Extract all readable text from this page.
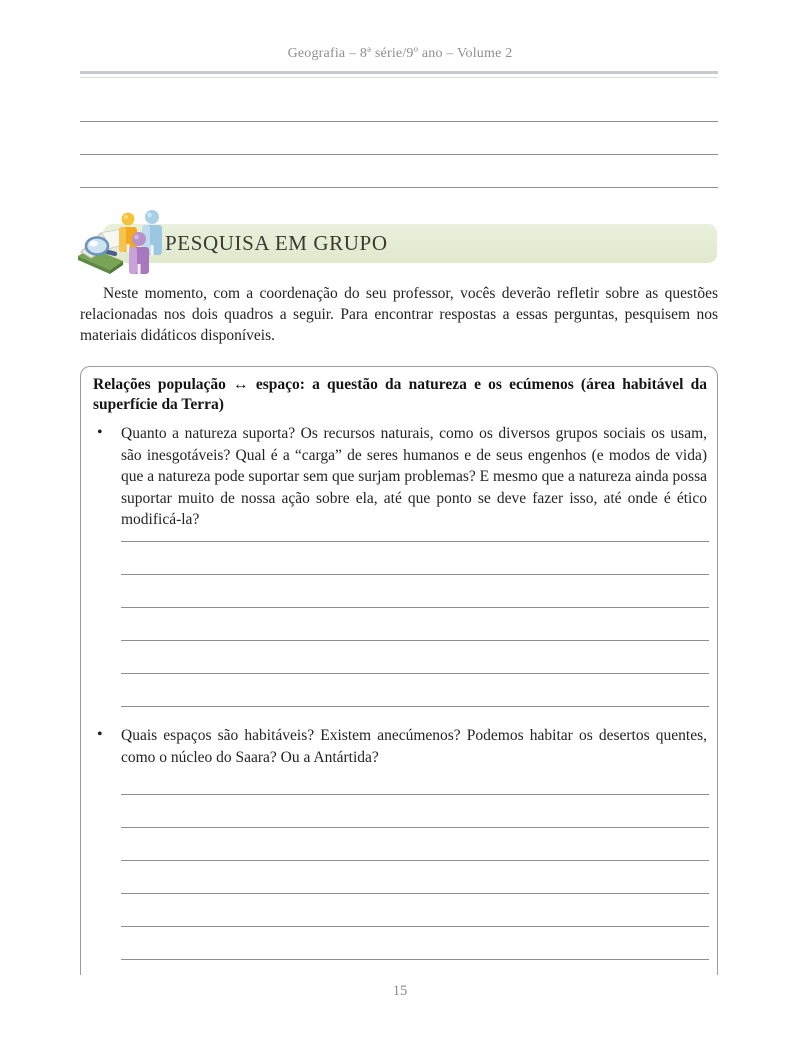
Geografia – 8ª série/9º ano – Volume 2
PESQUISA EM GRUPO

Neste momento, com a coordenação do seu professor, vocês deverão refletir sobre as questões relacionadas nos dois quadros a seguir. Para encontrar respostas a essas perguntas, pesquisem nos materiais didáticos disponíveis.

Relações população ↔ espaço: a questão da natureza e os ecúmenos (área habitável da superfície da Terra)
• Quanto a natureza suporta? Os recursos naturais, como os diversos grupos sociais os usam, são inesgotáveis? Qual é a “carga” de seres humanos e de seus engenhos (e modos de vida) que a natureza pode suportar sem que surjam problemas? E mesmo que a natureza ainda possa suportar muito de nossa ação sobre ela, até que ponto se deve fazer isso, até onde é ético modificá-la?
• Quais espaços são habitáveis? Existem anecúmenos? Podemos habitar os desertos quentes, como o núcleo do Saara? Ou a Antártida?
15
